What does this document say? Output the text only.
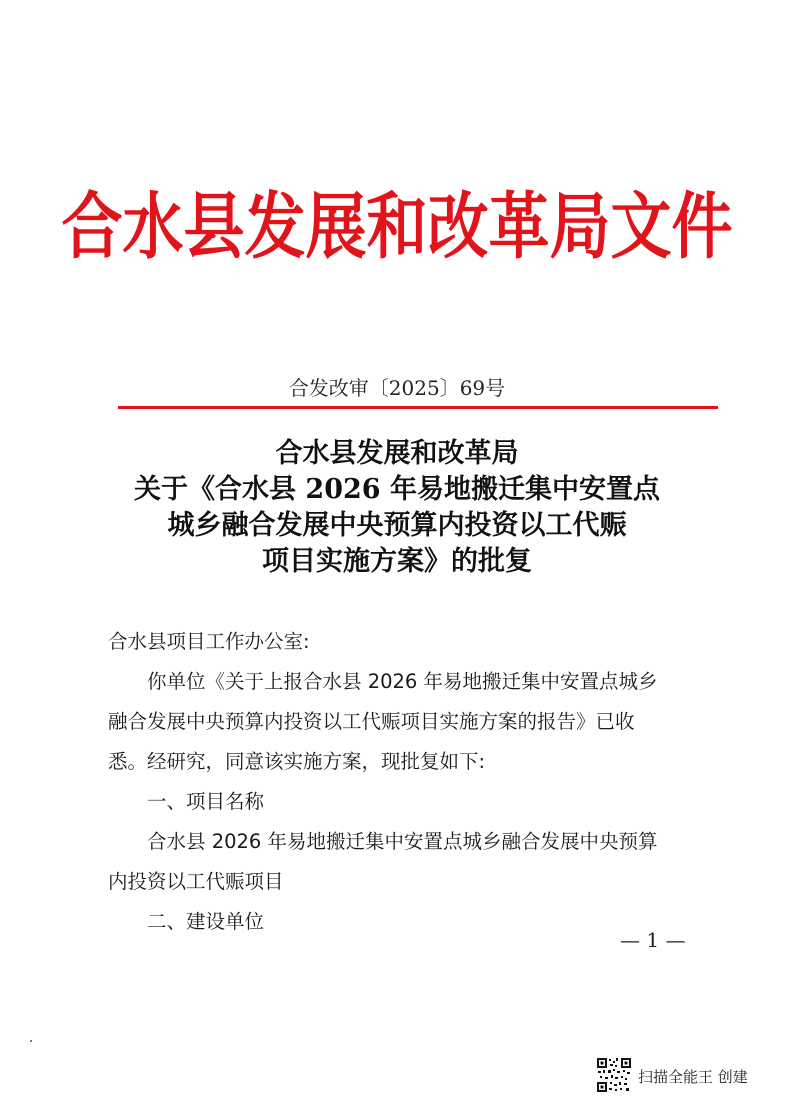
合水县发展和改革局文件
合发改审〔2025〕69号
合水县发展和改革局
关于《合水县 2026 年易地搬迁集中安置点
城乡融合发展中央预算内投资以工代赈
项目实施方案》的批复
合水县项目工作办公室:
你单位《关于上报合水县 2026 年易地搬迁集中安置点城乡
融合发展中央预算内投资以工代赈项目实施方案的报告》已收
悉。经研究，同意该实施方案，现批复如下:
一、项目名称
合水县 2026 年易地搬迁集中安置点城乡融合发展中央预算
内投资以工代赈项目
二、建设单位
— 1 —
扫描全能王 创建
